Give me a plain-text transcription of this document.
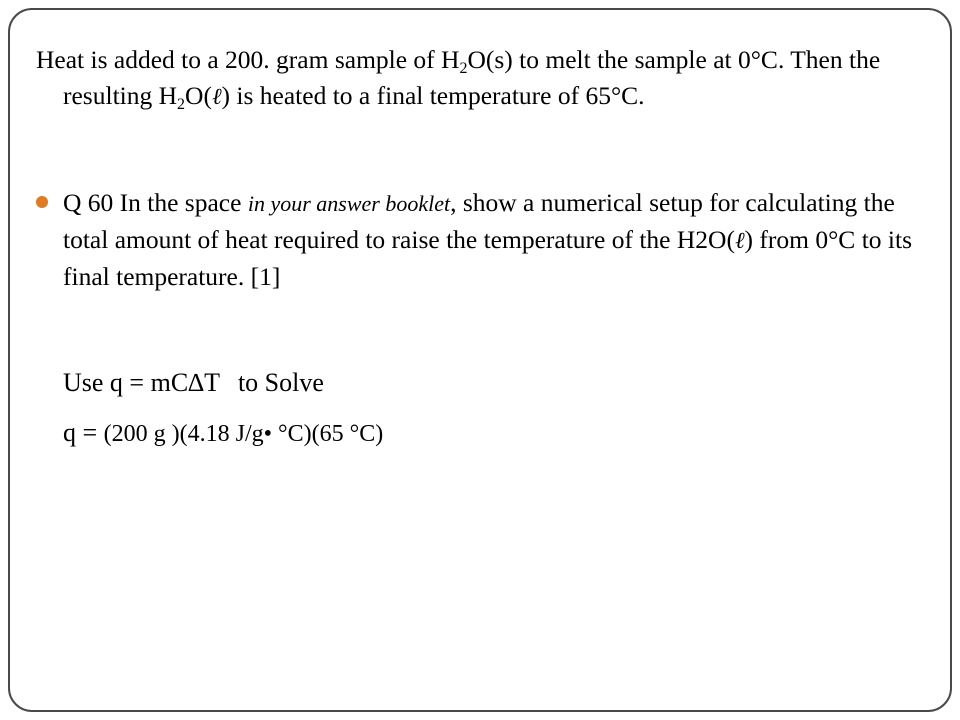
Heat is added to a 200. gram sample of $H_2O(s)$ to melt the sample at 0°C. Then the resulting $H_2O(\ell)$ is heated to a final temperature of 65°C.
Q 60 In the space in your answer booklet, show a numerical setup for calculating the total amount of heat required to raise the temperature of the H2O(ℓ) from 0°C to its final temperature. [1]
Use q = mC∆T to Solve
q = (200 g )(4.18 J/g• °C)(65 °C)
